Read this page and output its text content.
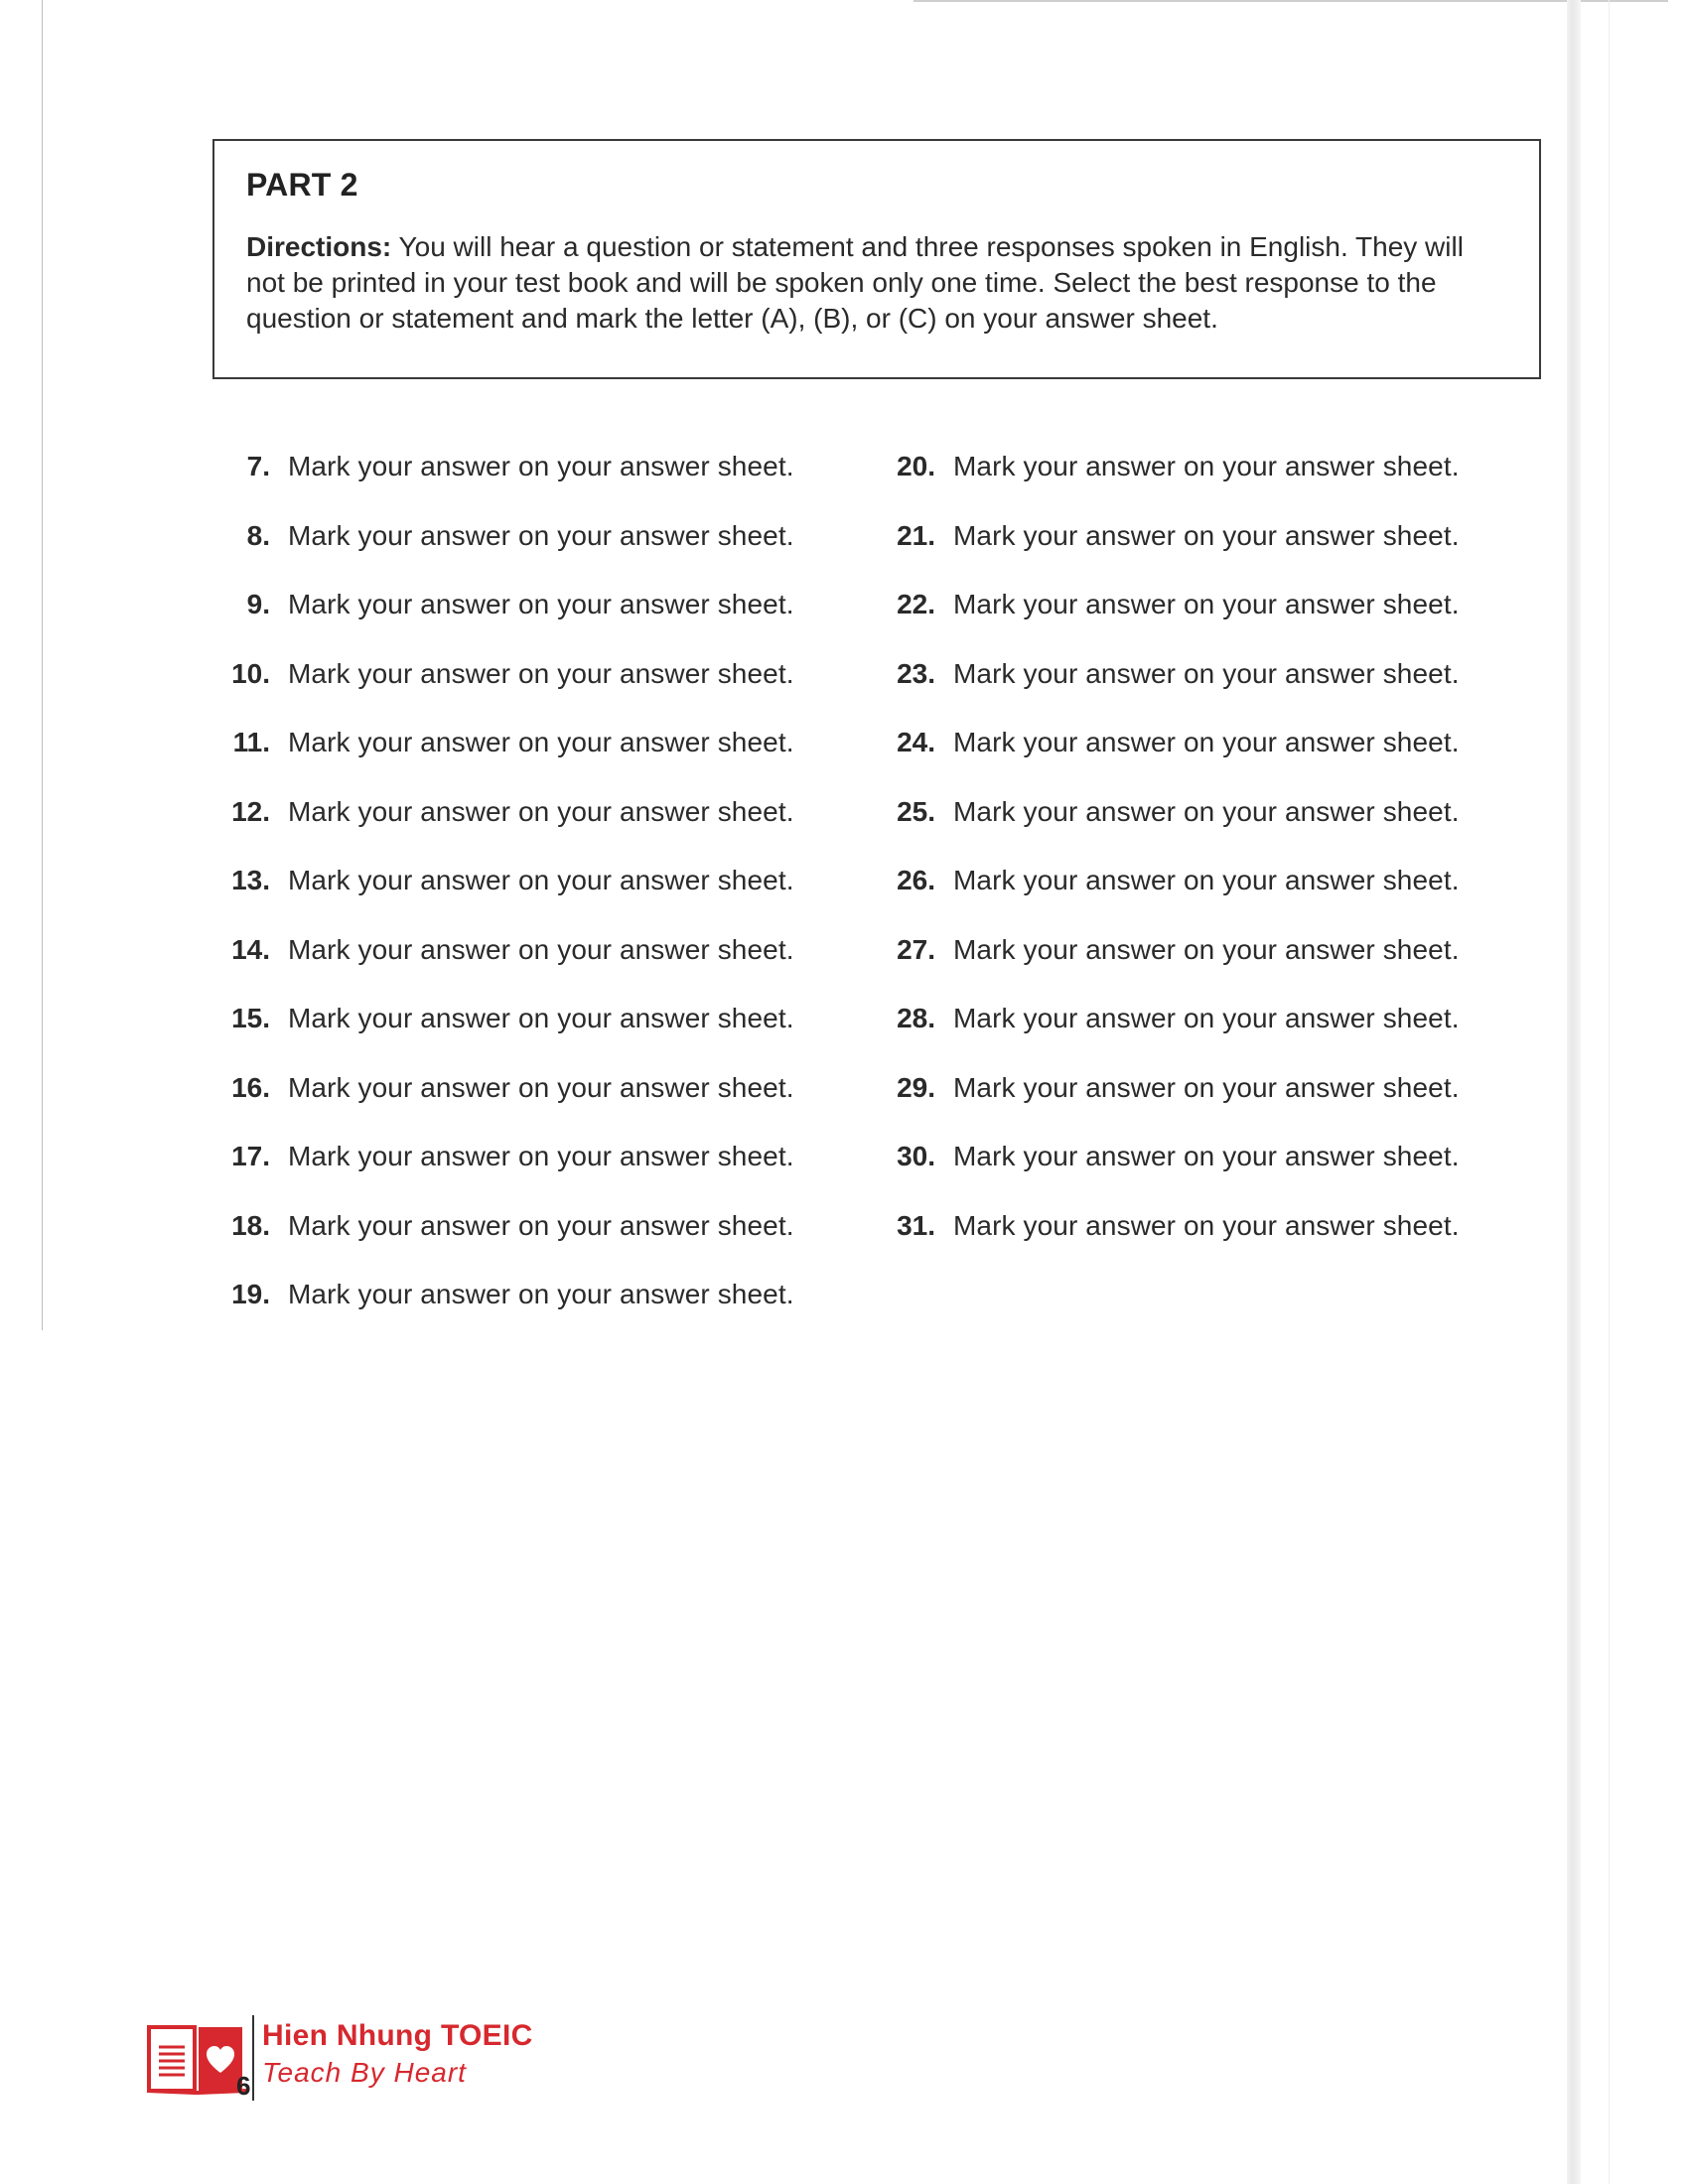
PART 2
Directions: You will hear a question or statement and three responses spoken in English. They will not be printed in your test book and will be spoken only one time. Select the best response to the question or statement and mark the letter (A), (B), or (C) on your answer sheet.
7. Mark your answer on your answer sheet.
8. Mark your answer on your answer sheet.
9. Mark your answer on your answer sheet.
10. Mark your answer on your answer sheet.
11. Mark your answer on your answer sheet.
12. Mark your answer on your answer sheet.
13. Mark your answer on your answer sheet.
14. Mark your answer on your answer sheet.
15. Mark your answer on your answer sheet.
16. Mark your answer on your answer sheet.
17. Mark your answer on your answer sheet.
18. Mark your answer on your answer sheet.
19. Mark your answer on your answer sheet.
20. Mark your answer on your answer sheet.
21. Mark your answer on your answer sheet.
22. Mark your answer on your answer sheet.
23. Mark your answer on your answer sheet.
24. Mark your answer on your answer sheet.
25. Mark your answer on your answer sheet.
26. Mark your answer on your answer sheet.
27. Mark your answer on your answer sheet.
28. Mark your answer on your answer sheet.
29. Mark your answer on your answer sheet.
30. Mark your answer on your answer sheet.
31. Mark your answer on your answer sheet.
6
Hien Nhung TOEIC
Teach By Heart
